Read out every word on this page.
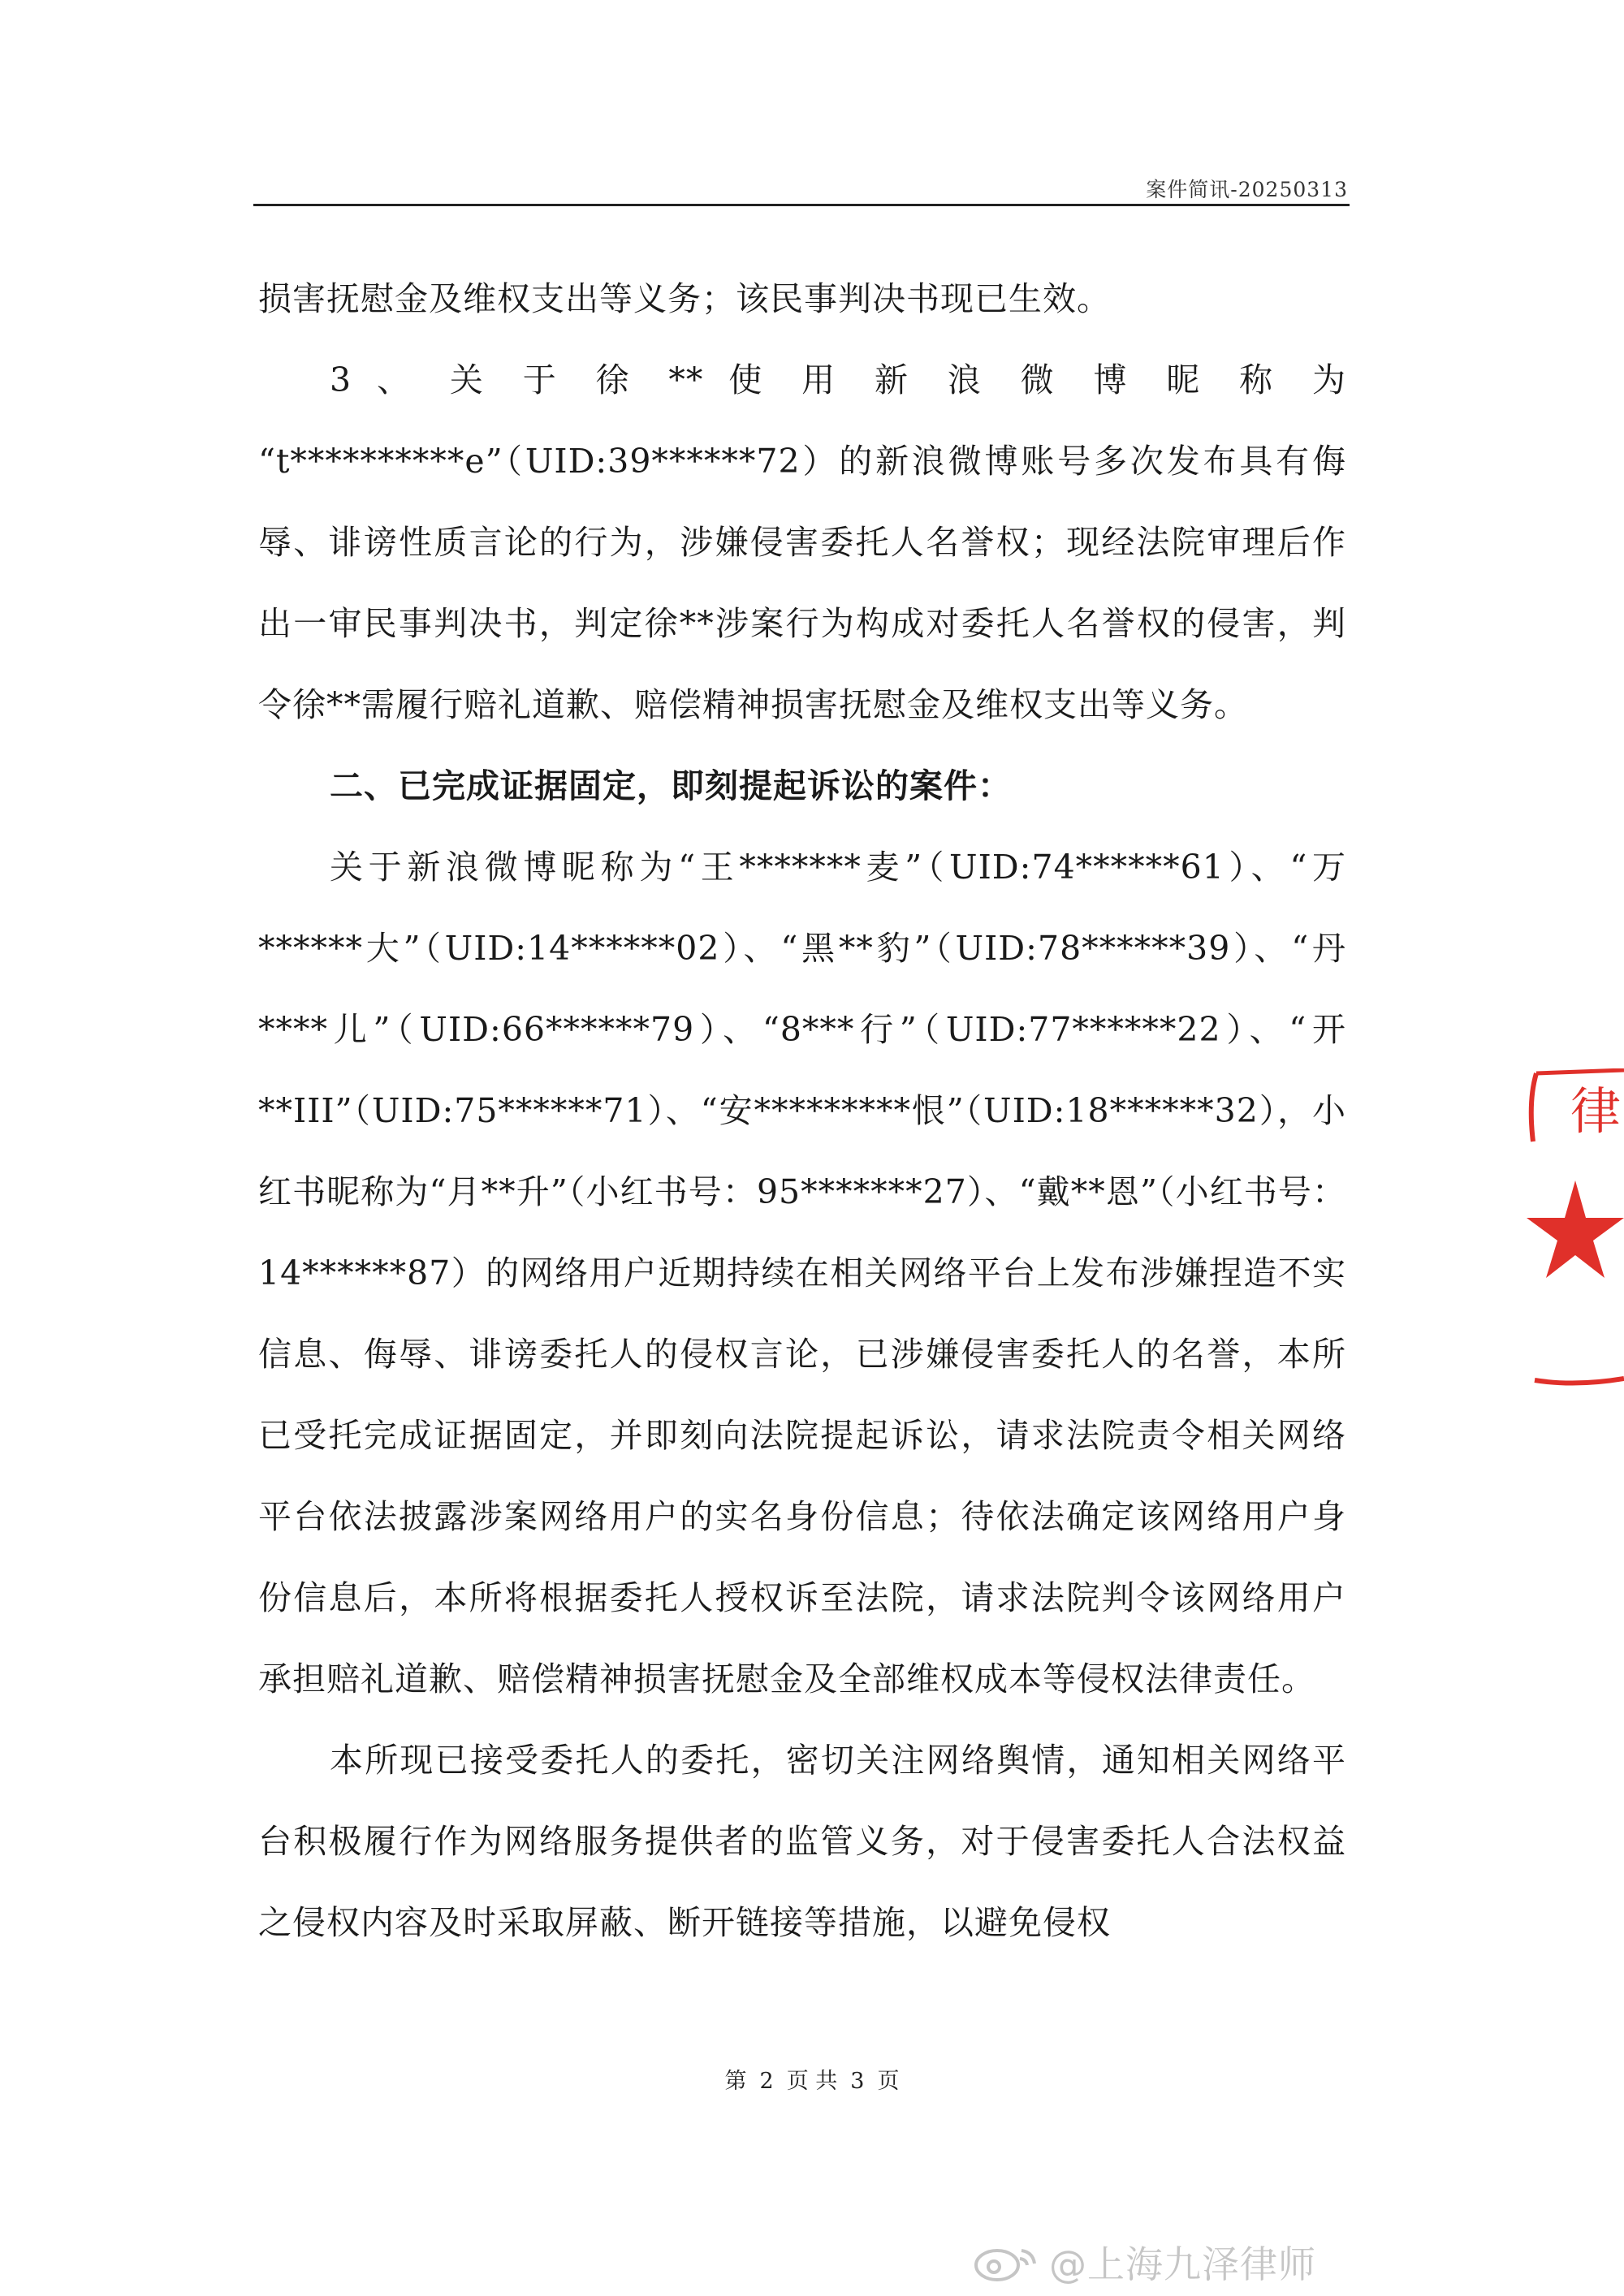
案件简讯-20250313

损害抚慰金及维权支出等义务；该民事判决书现已生效。

3 、 关 于 徐 ** 使 用 新 浪 微 博 昵 称 为 “t**********e”（UID:39******72）的新浪微博账号多次发布具有侮辱、诽谤性质言论的行为，涉嫌侵害委托人名誉权；现经法院审理后作出一审民事判决书，判定徐**涉案行为构成对委托人名誉权的侵害，判令徐**需履行赔礼道歉、赔偿精神损害抚慰金及维权支出等义务。

二、已完成证据固定，即刻提起诉讼的案件：

关于新浪微博昵称为“王*******麦”（UID:74******61）、“万******大”（UID:14******02）、“黑**豹”（UID:78******39）、“丹****儿”（UID:66******79）、“8***行”（UID:77******22）、“开**III”（UID:75******71）、“安*********恨”（UID:18******32），小红书昵称为“月**升”（小红书号：95*******27）、“戴**恩”（小红书号：14******87）的网络用户近期持续在相关网络平台上发布涉嫌捏造不实信息、侮辱、诽谤委托人的侵权言论，已涉嫌侵害委托人的名誉，本所已受托完成证据固定，并即刻向法院提起诉讼，请求法院责令相关网络平台依法披露涉案网络用户的实名身份信息；待依法确定该网络用户身份信息后，本所将根据委托人授权诉至法院，请求法院判令该网络用户承担赔礼道歉、赔偿精神损害抚慰金及全部维权成本等侵权法律责任。

本所现已接受委托人的委托，密切关注网络舆情，通知相关网络平台积极履行作为网络服务提供者的监管义务，对于侵害委托人合法权益之侵权内容及时采取屏蔽、断开链接等措施，以避免侵权

第 2 页 共 3 页
律
@上海九泽律师
